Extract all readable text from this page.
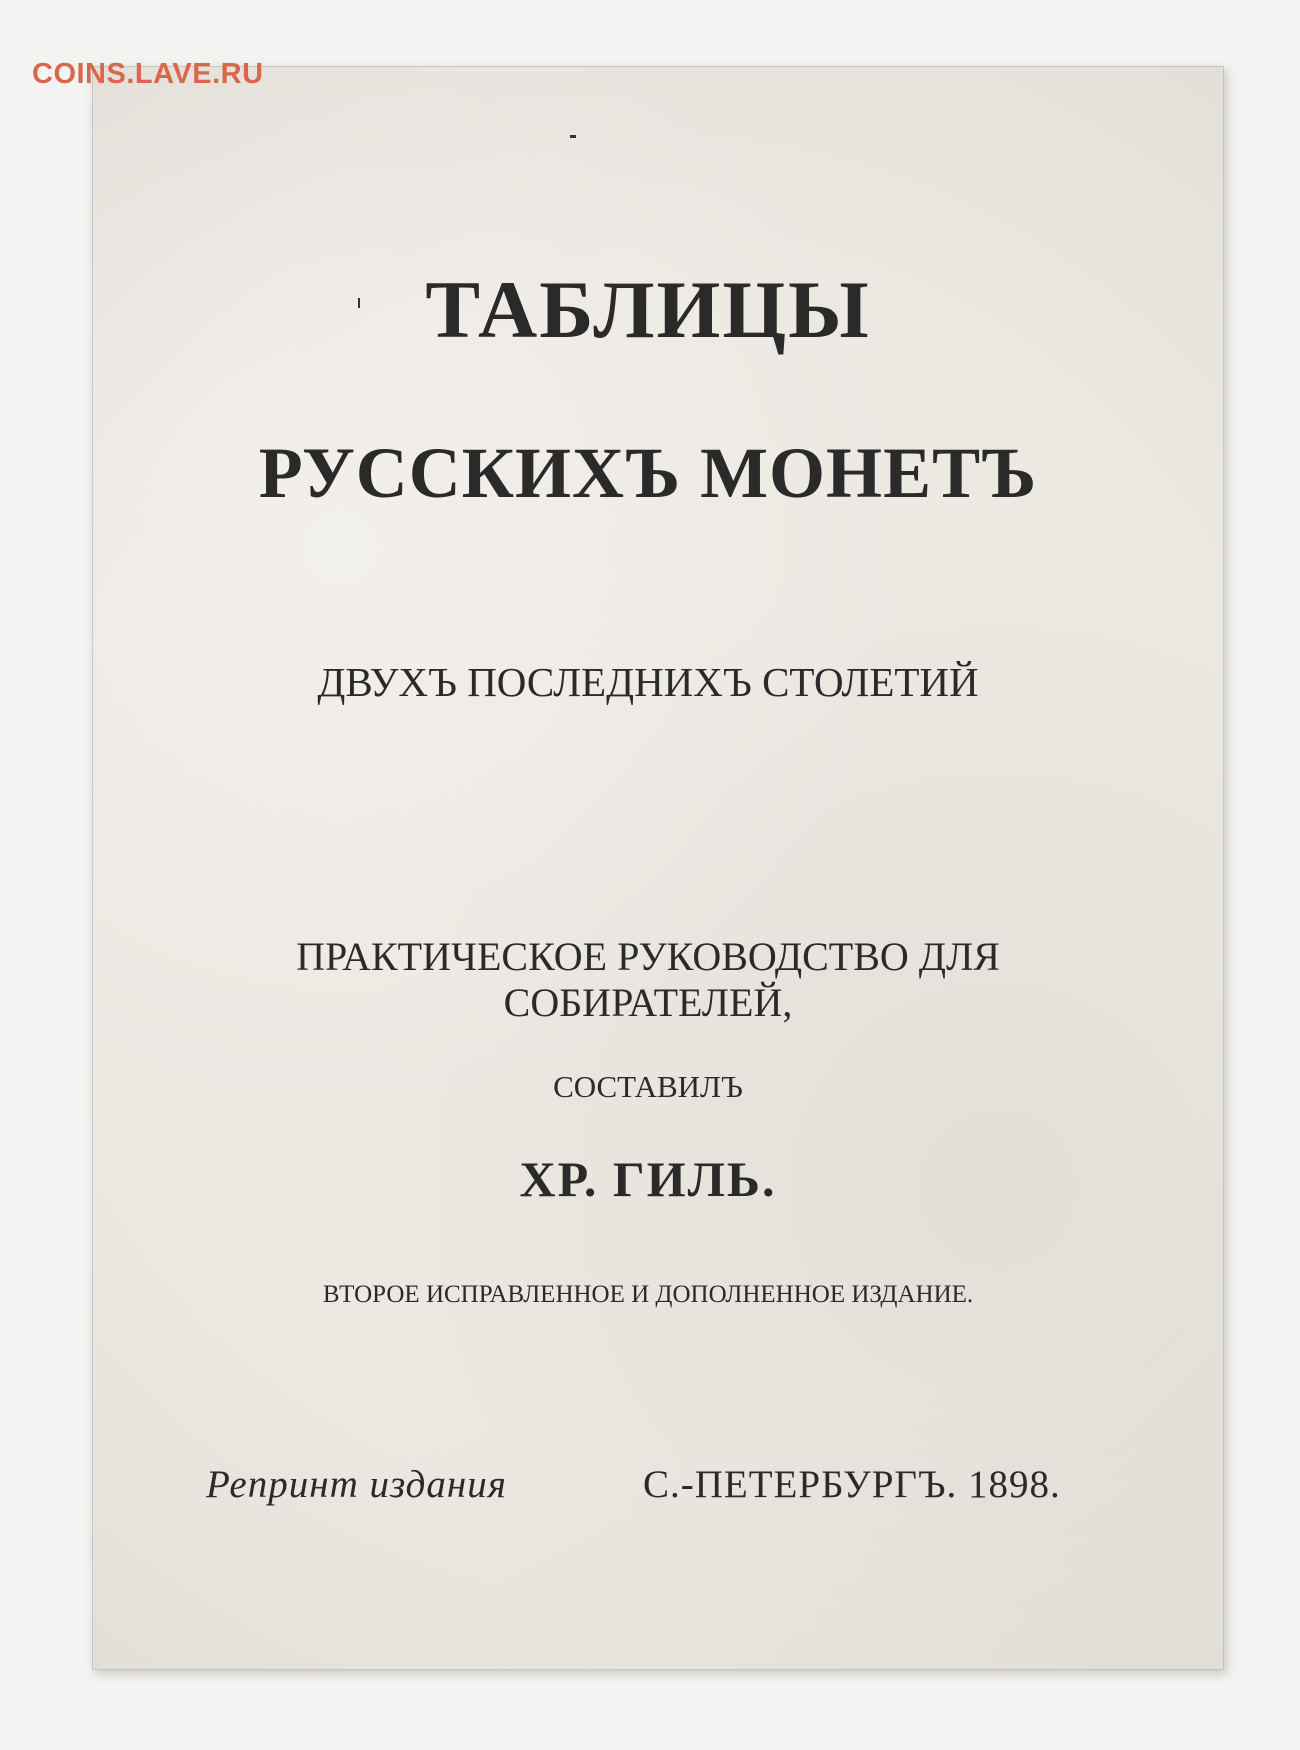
COINS.LAVE.RU
ТАБЛИЦЫ
РУССКИХЪ МОНЕТЪ

ДВУХЪ ПОСЛЕДНИХЪ СТОЛЕТИЙ

ПРАКТИЧЕСКОЕ РУКОВОДСТВО ДЛЯ

СОБИРАТЕЛЕЙ,

СОСТАВИЛЪ

ХР. ГИЛЬ.

ВТОРОЕ ИСПРАВЛЕННОЕ И ДОПОЛНЕННОЕ ИЗДАНИЕ.

Репринт издания	С.-ПЕТЕРБУРГЪ. 1898.
